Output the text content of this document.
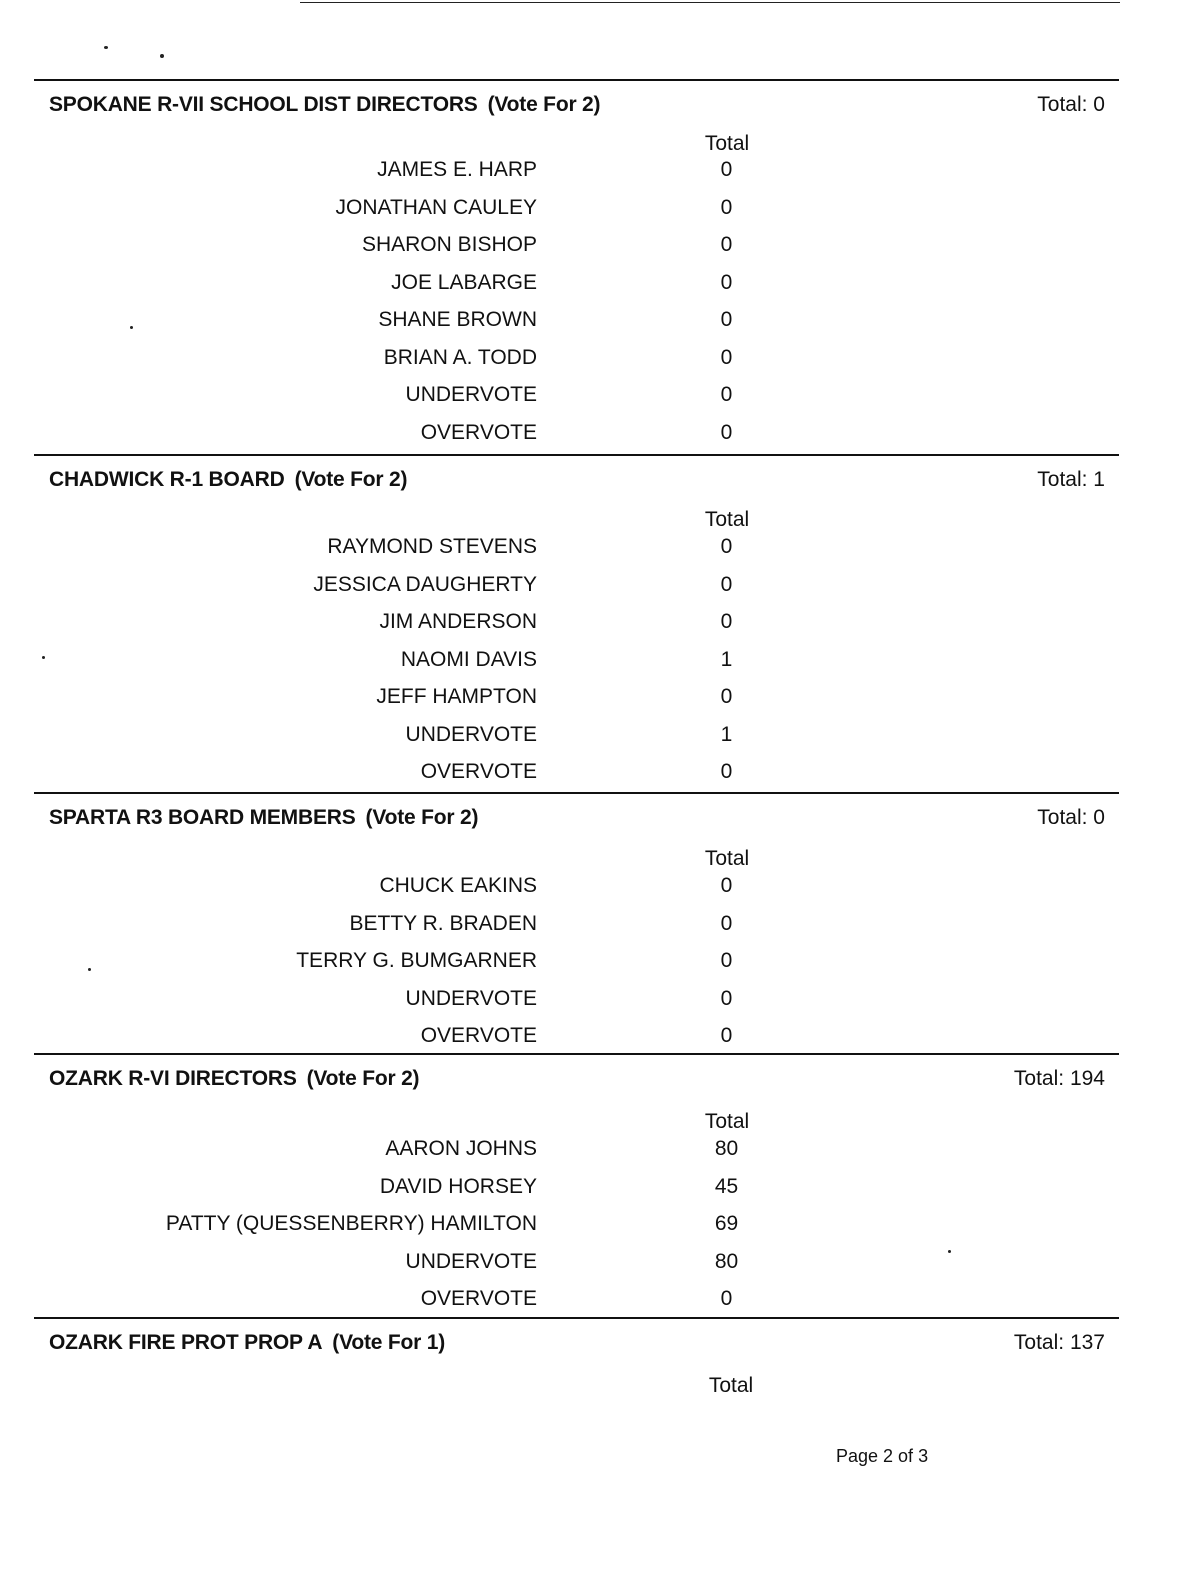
SPOKANE R-VII SCHOOL DIST DIRECTORS (Vote For 2)	Total: 0
Total
JAMES E. HARP	0
JONATHAN CAULEY	0
SHARON BISHOP	0
JOE LABARGE	0
SHANE BROWN	0
BRIAN A. TODD	0
UNDERVOTE	0
OVERVOTE	0
CHADWICK R-1 BOARD (Vote For 2)	Total: 1
Total
RAYMOND STEVENS	0
JESSICA DAUGHERTY	0
JIM ANDERSON	0
NAOMI DAVIS	1
JEFF HAMPTON	0
UNDERVOTE	1
OVERVOTE	0
SPARTA R3 BOARD MEMBERS (Vote For 2)	Total: 0
Total
CHUCK EAKINS	0
BETTY R. BRADEN	0
TERRY G. BUMGARNER	0
UNDERVOTE	0
OVERVOTE	0
OZARK R-VI DIRECTORS (Vote For 2)	Total: 194
Total
AARON JOHNS	80
DAVID HORSEY	45
PATTY (QUESSENBERRY) HAMILTON	69
UNDERVOTE	80
OVERVOTE	0
OZARK FIRE PROT PROP A (Vote For 1)	Total: 137
Total
Page 2 of 3
